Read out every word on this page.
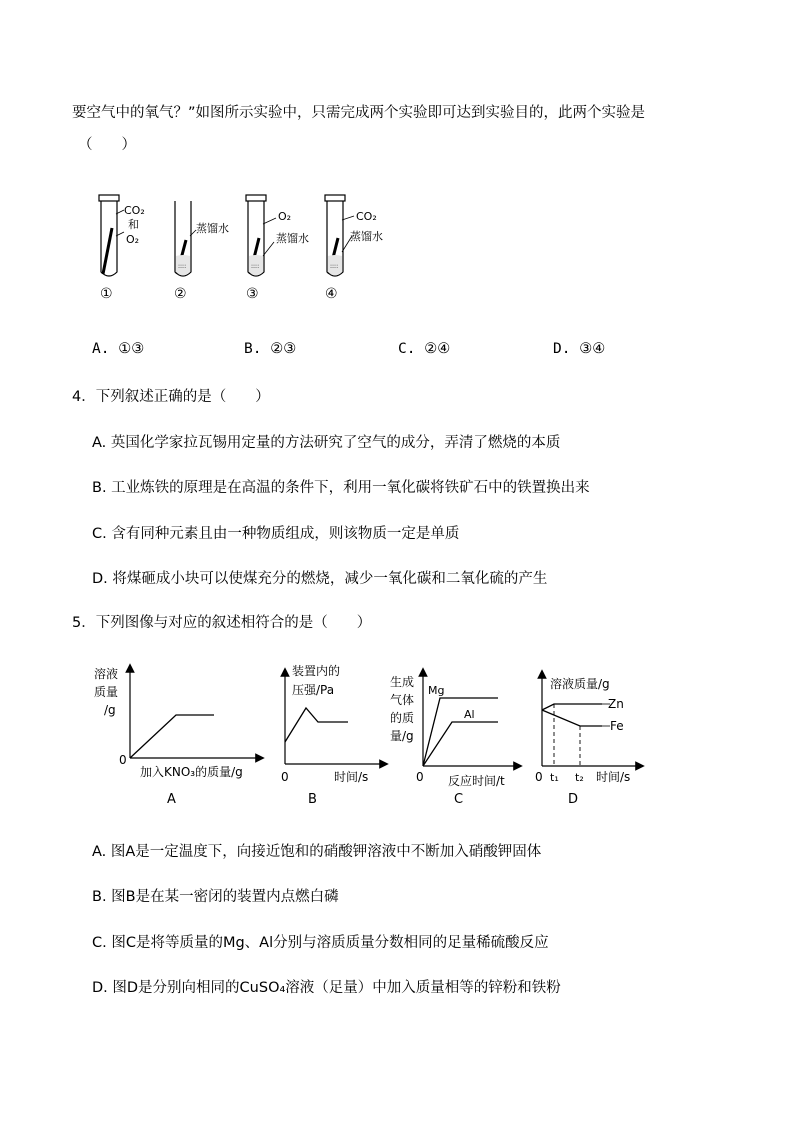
要空气中的氧气？”如图所示实验中，只需完成两个实验即可达到实验目的，此两个实验是
（　　）
CO₂
和
O₂
①
::::
蒸馏水
②
::::
O₂
蒸馏水
③
::::
CO₂
蒸馏水
④
A. ①③	B. ②③	C. ②④	D. ③④
4．下列叙述正确的是（　　）
A. 英国化学家拉瓦锡用定量的方法研究了空气的成分，弄清了燃烧的本质
B. 工业炼铁的原理是在高温的条件下，利用一氧化碳将铁矿石中的铁置换出来
C. 含有同种元素且由一种物质组成，则该物质一定是单质
D. 将煤砸成小块可以使煤充分的燃烧，减少一氧化碳和二氧化硫的产生
5．下列图像与对应的叙述相符合的是（　　）
溶液
质量
/g
0
加入KNO₃的质量/g
A
装置内的
压强/Pa
0	时间/s
B
生成
气体
的质
量/g
Mg
Al
0 反应时间/t
C
溶液质量/g
Zn
Fe
0 t₁ t₂ 时间/s
D
A. 图A是一定温度下，向接近饱和的硝酸钾溶液中不断加入硝酸钾固体
B. 图B是在某一密闭的装置内点燃白磷
C. 图C是将等质量的Mg、Al分别与溶质质量分数相同的足量稀硫酸反应
D. 图D是分别向相同的CuSO₄溶液（足量）中加入质量相等的锌粉和铁粉
